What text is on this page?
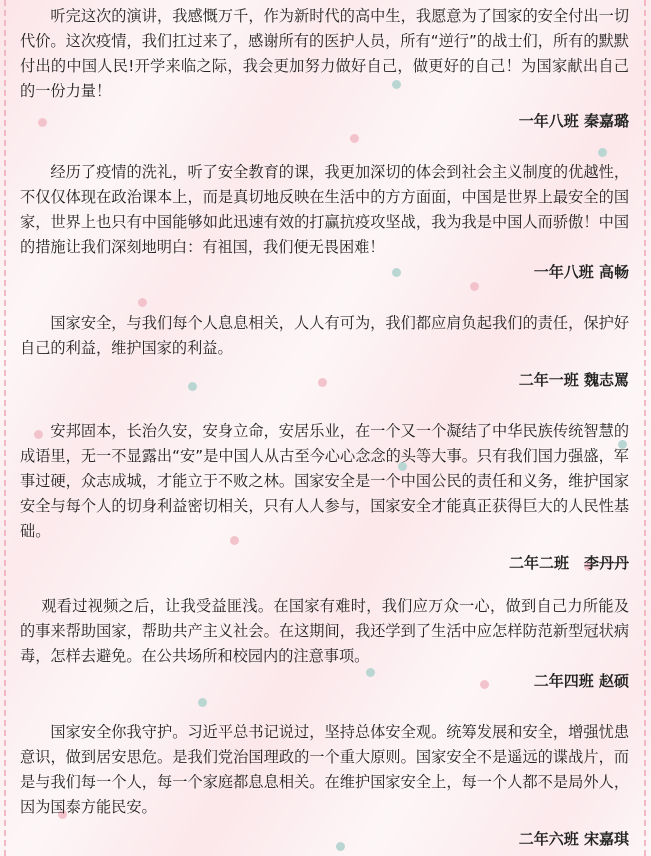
听完这次的演讲，我感慨万千，作为新时代的高中生，我愿意为了国家的安全付出一切代价。这次疫情，我们扛过来了，感谢所有的医护人员，所有“逆行”的战士们，所有的默默付出的中国人民!开学来临之际，我会更加努力做好自己，做更好的自己！为国家献出自己的一份力量！

一年八班 秦嘉璐

经历了疫情的洗礼，听了安全教育的课，我更加深切的体会到社会主义制度的优越性，不仅仅体现在政治课本上，而是真切地反映在生活中的方方面面，中国是世界上最安全的国家，世界上也只有中国能够如此迅速有效的打赢抗疫攻坚战，我为我是中国人而骄傲！中国的措施让我们深刻地明白：有祖国，我们便无畏困难！

一年八班 高畅

国家安全，与我们每个人息息相关，人人有可为，我们都应肩负起我们的责任，保护好自己的利益，维护国家的利益。

二年一班 魏志罵

安邦固本，长治久安，安身立命，安居乐业，在一个又一个凝结了中华民族传统智慧的成语里，无一不显露出“安”是中国人从古至今心心念念的头等大事。只有我们国力强盛，军事过硬，众志成城，才能立于不败之林。国家安全是一个中国公民的责任和义务，维护国家安全与每个人的切身利益密切相关，只有人人参与，国家安全才能真正获得巨大的人民性基础。

二年二班　李丹丹

观看过视频之后，让我受益匪浅。在国家有难时，我们应万众一心，做到自己力所能及的事来帮助国家，帮助共产主义社会。在这期间，我还学到了生活中应怎样防范新型冠状病毒，怎样去避免。在公共场所和校园内的注意事项。

二年四班 赵硕

国家安全你我守护。习近平总书记说过，坚持总体安全观。统筹发展和安全，增强忧患意识，做到居安思危。是我们党治国理政的一个重大原则。国家安全不是遥远的谍战片，而是与我们每一个人，每一个家庭都息息相关。在维护国家安全上，每一个人都不是局外人，因为国泰方能民安。

二年六班 宋嘉琪
